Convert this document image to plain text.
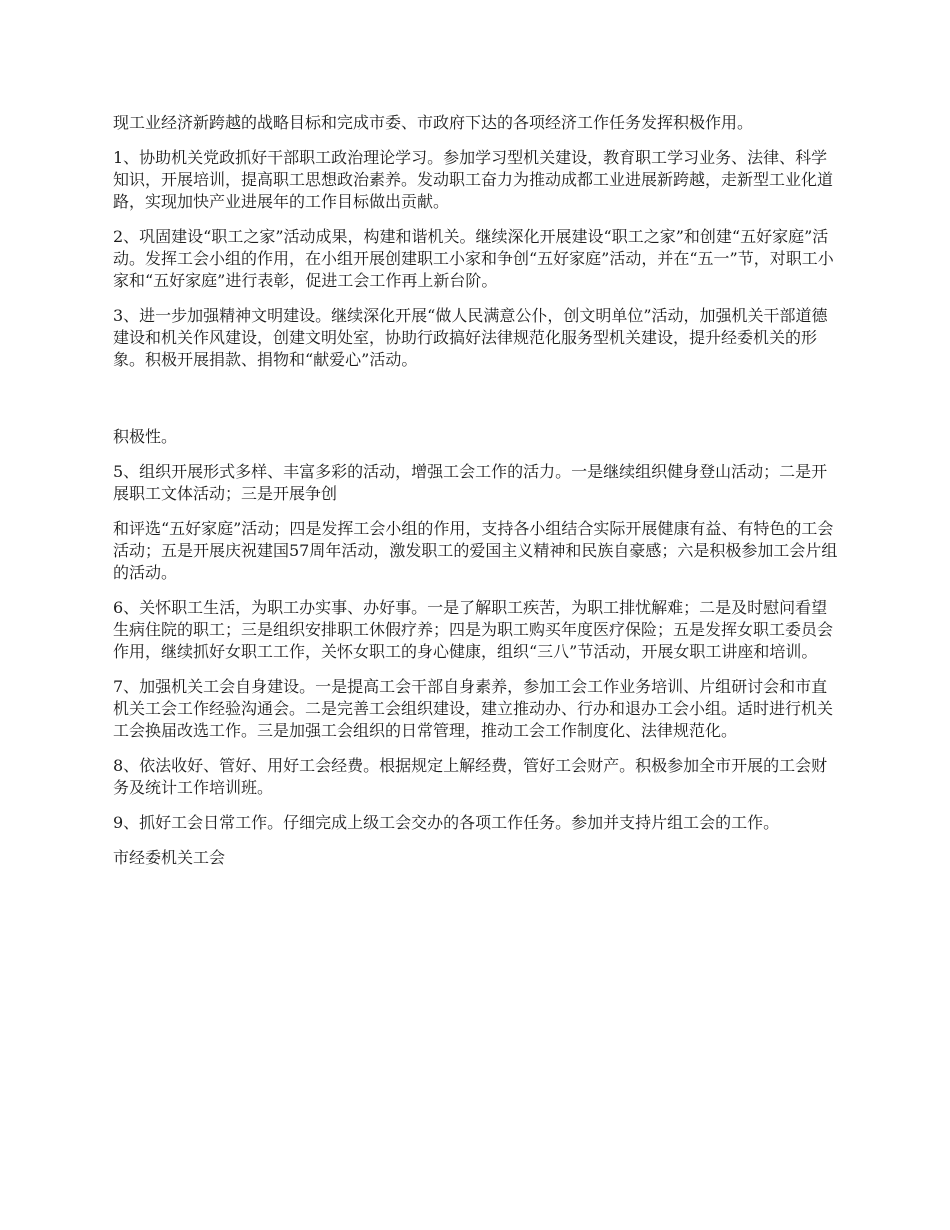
现工业经济新跨越的战略目标和完成市委、市政府下达的各项经济工作任务发挥积极作用。

1、协助机关党政抓好干部职工政治理论学习。参加学习型机关建设，教育职工学习业务、法律、科学知识，开展培训，提高职工思想政治素养。发动职工奋力为推动成都工业进展新跨越，走新型工业化道路，实现加快产业进展年的工作目标做出贡献。

2、巩固建设“职工之家”活动成果，构建和谐机关。继续深化开展建设“职工之家”和创建“五好家庭”活动。发挥工会小组的作用，在小组开展创建职工小家和争创“五好家庭”活动，并在“五一”节，对职工小家和“五好家庭”进行表彰，促进工会工作再上新台阶。

3、进一步加强精神文明建设。继续深化开展“做人民满意公仆，创文明单位”活动，加强机关干部道德建设和机关作风建设，创建文明处室，协助行政搞好法律规范化服务型机关建设，提升经委机关的形象。积极开展捐款、捐物和“献爱心”活动。

积极性。

5、组织开展形式多样、丰富多彩的活动，增强工会工作的活力。一是继续组织健身登山活动；二是开展职工文体活动；三是开展争创

和评选“五好家庭”活动；四是发挥工会小组的作用，支持各小组结合实际开展健康有益、有特色的工会活动；五是开展庆祝建国57周年活动，激发职工的爱国主义精神和民族自豪感；六是积极参加工会片组的活动。

6、关怀职工生活，为职工办实事、办好事。一是了解职工疾苦，为职工排忧解难；二是及时慰问看望生病住院的职工；三是组织安排职工休假疗养；四是为职工购买年度医疗保险；五是发挥女职工委员会作用，继续抓好女职工工作，关怀女职工的身心健康，组织“三八”节活动，开展女职工讲座和培训。

7、加强机关工会自身建设。一是提高工会干部自身素养，参加工会工作业务培训、片组研讨会和市直机关工会工作经验沟通会。二是完善工会组织建设，建立推动办、行办和退办工会小组。适时进行机关工会换届改选工作。三是加强工会组织的日常管理，推动工会工作制度化、法律规范化。

8、依法收好、管好、用好工会经费。根据规定上解经费，管好工会财产。积极参加全市开展的工会财务及统计工作培训班。

9、抓好工会日常工作。仔细完成上级工会交办的各项工作任务。参加并支持片组工会的工作。

市经委机关工会
